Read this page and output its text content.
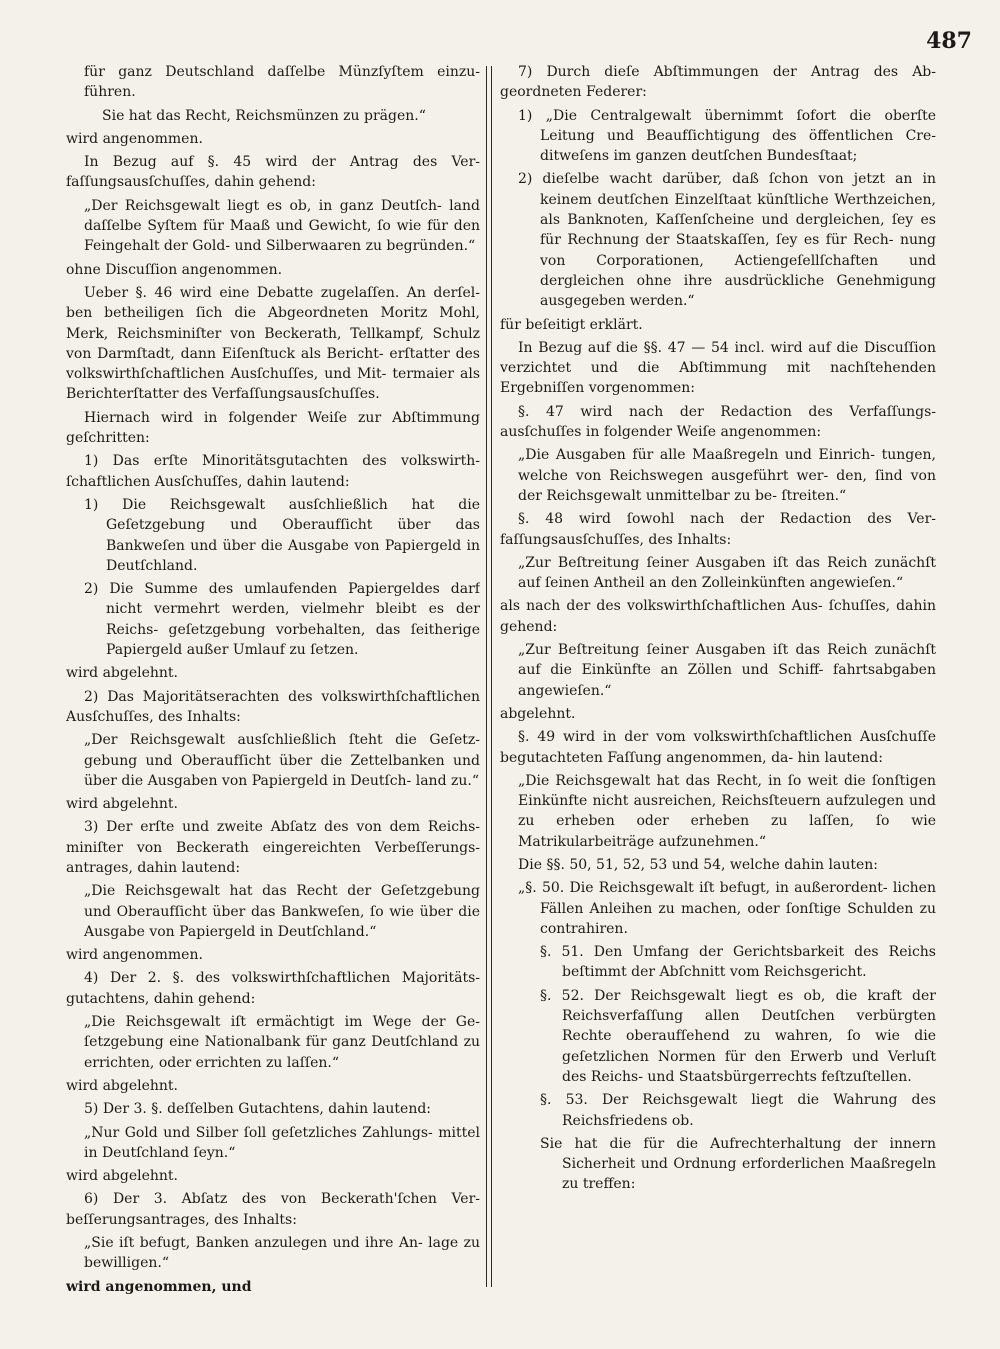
487

für ganz Deutschland daſſelbe Münzſyſtem einzu- führen.

Sie hat das Recht, Reichsmünzen zu prägen.“

wird angenommen.

In Bezug auf §. 45 wird der Antrag des Ver- faſſungsausſchuſſes, dahin gehend:

„Der Reichsgewalt liegt es ob, in ganz Deutſch- land daſſelbe Syſtem für Maaß und Gewicht, ſo wie für den Feingehalt der Gold- und Silberwaaren zu begründen.“

ohne Discuſſion angenommen.

Ueber §. 46 wird eine Debatte zugelaſſen. An derſel- ben betheiligen ſich die Abgeordneten Moritz Mohl, Merk, Reichsminiſter von Beckerath, Tellkampf, Schulz von Darmſtadt, dann Eiſenſtuck als Bericht- erſtatter des volkswirthſchaftlichen Ausſchuſſes, und Mit- termaier als Berichterſtatter des Verfaſſungsausſchuſſes.

Hiernach wird in folgender Weiſe zur Abſtimmung geſchritten:

1) Das erſte Minoritätsgutachten des volkswirth- ſchaftlichen Ausſchuſſes, dahin lautend:

1) Die Reichsgewalt ausſchließlich hat die Geſetzgebung und Oberaufſicht über das Bankweſen und über die Ausgabe von Papiergeld in Deutſchland.

2) Die Summe des umlaufenden Papiergeldes darf nicht vermehrt werden, vielmehr bleibt es der Reichs- geſetzgebung vorbehalten, das ſeitherige Papiergeld außer Umlauf zu ſetzen.

wird abgelehnt.

2) Das Majoritätserachten des volkswirthſchaftlichen Ausſchuſſes, des Inhalts:

„Der Reichsgewalt ausſchließlich ſteht die Geſetz- gebung und Oberaufſicht über die Zettelbanken und über die Ausgaben von Papiergeld in Deutſch- land zu.“

wird abgelehnt.

3) Der erſte und zweite Abſatz des von dem Reichs- miniſter von Beckerath eingereichten Verbeſſerungs- antrages, dahin lautend:

„Die Reichsgewalt hat das Recht der Geſetzgebung und Oberaufſicht über das Bankweſen, ſo wie über die Ausgabe von Papiergeld in Deutſchland.“

wird angenommen.

4) Der 2. §. des volkswirthſchaftlichen Majoritäts- gutachtens, dahin gehend:

„Die Reichsgewalt iſt ermächtigt im Wege der Ge- ſetzgebung eine Nationalbank für ganz Deutſchland zu errichten, oder errichten zu laſſen.“

wird abgelehnt.

5) Der 3. §. deſſelben Gutachtens, dahin lautend:

„Nur Gold und Silber ſoll geſetzliches Zahlungs- mittel in Deutſchland ſeyn.“

wird abgelehnt.

6) Der 3. Abſatz des von Beckerath'ſchen Ver- beſſerungsantrages, des Inhalts:

„Sie iſt befugt, Banken anzulegen und ihre An- lage zu bewilligen.“

wird angenommen, und

7) Durch dieſe Abſtimmungen der Antrag des Ab- geordneten Federer:

1) „Die Centralgewalt übernimmt ſofort die oberſte Leitung und Beaufſichtigung des öffentlichen Cre- ditweſens im ganzen deutſchen Bundesſtaat;

2) dieſelbe wacht darüber, daß ſchon von jetzt an in keinem deutſchen Einzelſtaat künſtliche Werthzeichen, als Banknoten, Kaſſenſcheine und dergleichen, ſey es für Rechnung der Staatskaſſen, ſey es für Rech- nung von Corporationen, Actiengeſellſchaften und dergleichen ohne ihre ausdrückliche Genehmigung ausgegeben werden.“

für beſeitigt erklärt.

In Bezug auf die §§. 47 — 54 incl. wird auf die Discuſſion verzichtet und die Abſtimmung mit nachſtehenden Ergebniſſen vorgenommen:

§. 47 wird nach der Redaction des Verfaſſungs- ausſchuſſes in folgender Weiſe angenommen:

„Die Ausgaben für alle Maaßregeln und Einrich- tungen, welche von Reichswegen ausgeführt wer- den, ſind von der Reichsgewalt unmittelbar zu be- ſtreiten.“

§. 48 wird ſowohl nach der Redaction des Ver- faſſungsausſchuſſes, des Inhalts:

„Zur Beſtreitung ſeiner Ausgaben iſt das Reich zunächſt auf ſeinen Antheil an den Zolleinkünften angewieſen.“

als nach der des volkswirthſchaftlichen Aus- ſchuſſes, dahin gehend:

„Zur Beſtreitung ſeiner Ausgaben iſt das Reich zunächſt auf die Einkünfte an Zöllen und Schiff- fahrtsabgaben angewieſen.“

abgelehnt.

§. 49 wird in der vom volkswirthſchaftlichen Ausſchuſſe begutachteten Faſſung angenommen, da- hin lautend:

„Die Reichsgewalt hat das Recht, in ſo weit die ſonſtigen Einkünfte nicht ausreichen, Reichsſteuern aufzulegen und zu erheben oder erheben zu laſſen, ſo wie Matrikularbeiträge aufzunehmen.“

Die §§. 50, 51, 52, 53 und 54, welche dahin lauten:

„§. 50. Die Reichsgewalt iſt befugt, in außerordent- lichen Fällen Anleihen zu machen, oder ſonſtige Schulden zu contrahiren.

§. 51. Den Umfang der Gerichtsbarkeit des Reichs beſtimmt der Abſchnitt vom Reichsgericht.

§. 52. Der Reichsgewalt liegt es ob, die kraft der Reichsverfaſſung allen Deutſchen verbürgten Rechte oberaufſehend zu wahren, ſo wie die geſetzlichen Normen für den Erwerb und Verluſt des Reichs- und Staatsbürgerrechts feſtzuſtellen.

§. 53. Der Reichsgewalt liegt die Wahrung des Reichsfriedens ob.

Sie hat die für die Aufrechterhaltung der innern Sicherheit und Ordnung erforderlichen Maaßregeln zu treffen:
